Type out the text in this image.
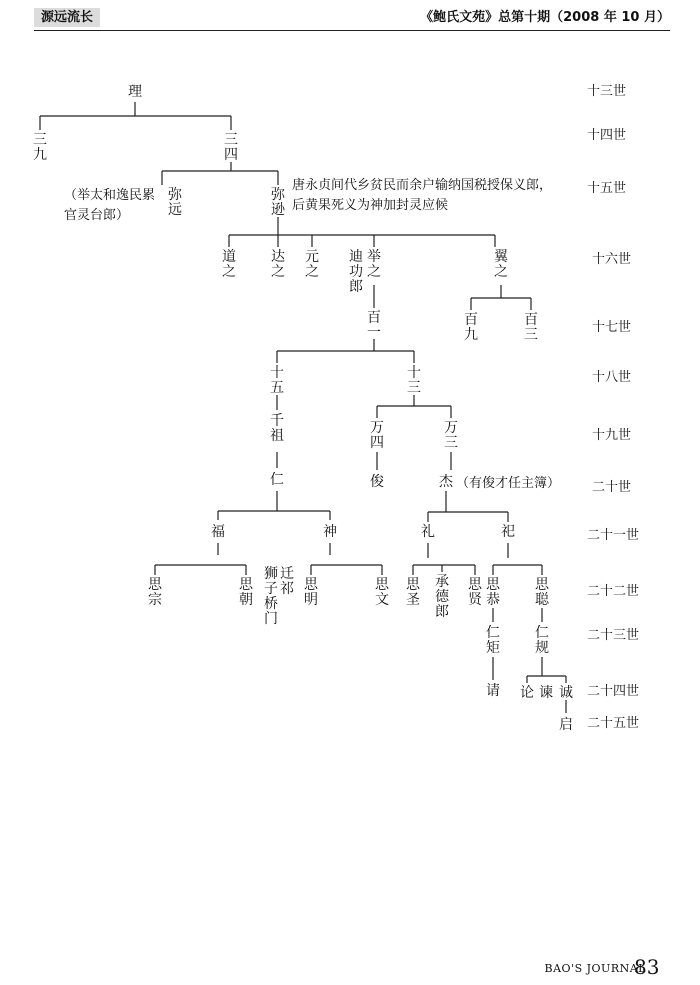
源远流长	《鲍氏文苑》总第十期（2008 年 10 月）
十三世
十四世
十五世
十六世
十七世
十八世
十九世
二十世
二十一世
二十二世
二十三世
二十四世
二十五世
理
三九
三四
弥远
弥逊
道之
达之
元之
迪功郎
举之
翼之
百一
百九
百三
十五
十三
千祖	万四
万三
仁	俊	杰
福	神	礼	祀
思宗
思朝
狮子桥门
迁祁 思明
思文
思圣
承德郎
思贤
思恭
思聪
仁矩
仁规
请 论 谏 诚
启
（举太和逸民累官灵台郎）
唐永贞间代乡贫民而余户输纳国税授保义郎，后黄果死义为神加封灵应候
（有俊才任主簿）
BAO'S JOURNAL
83
